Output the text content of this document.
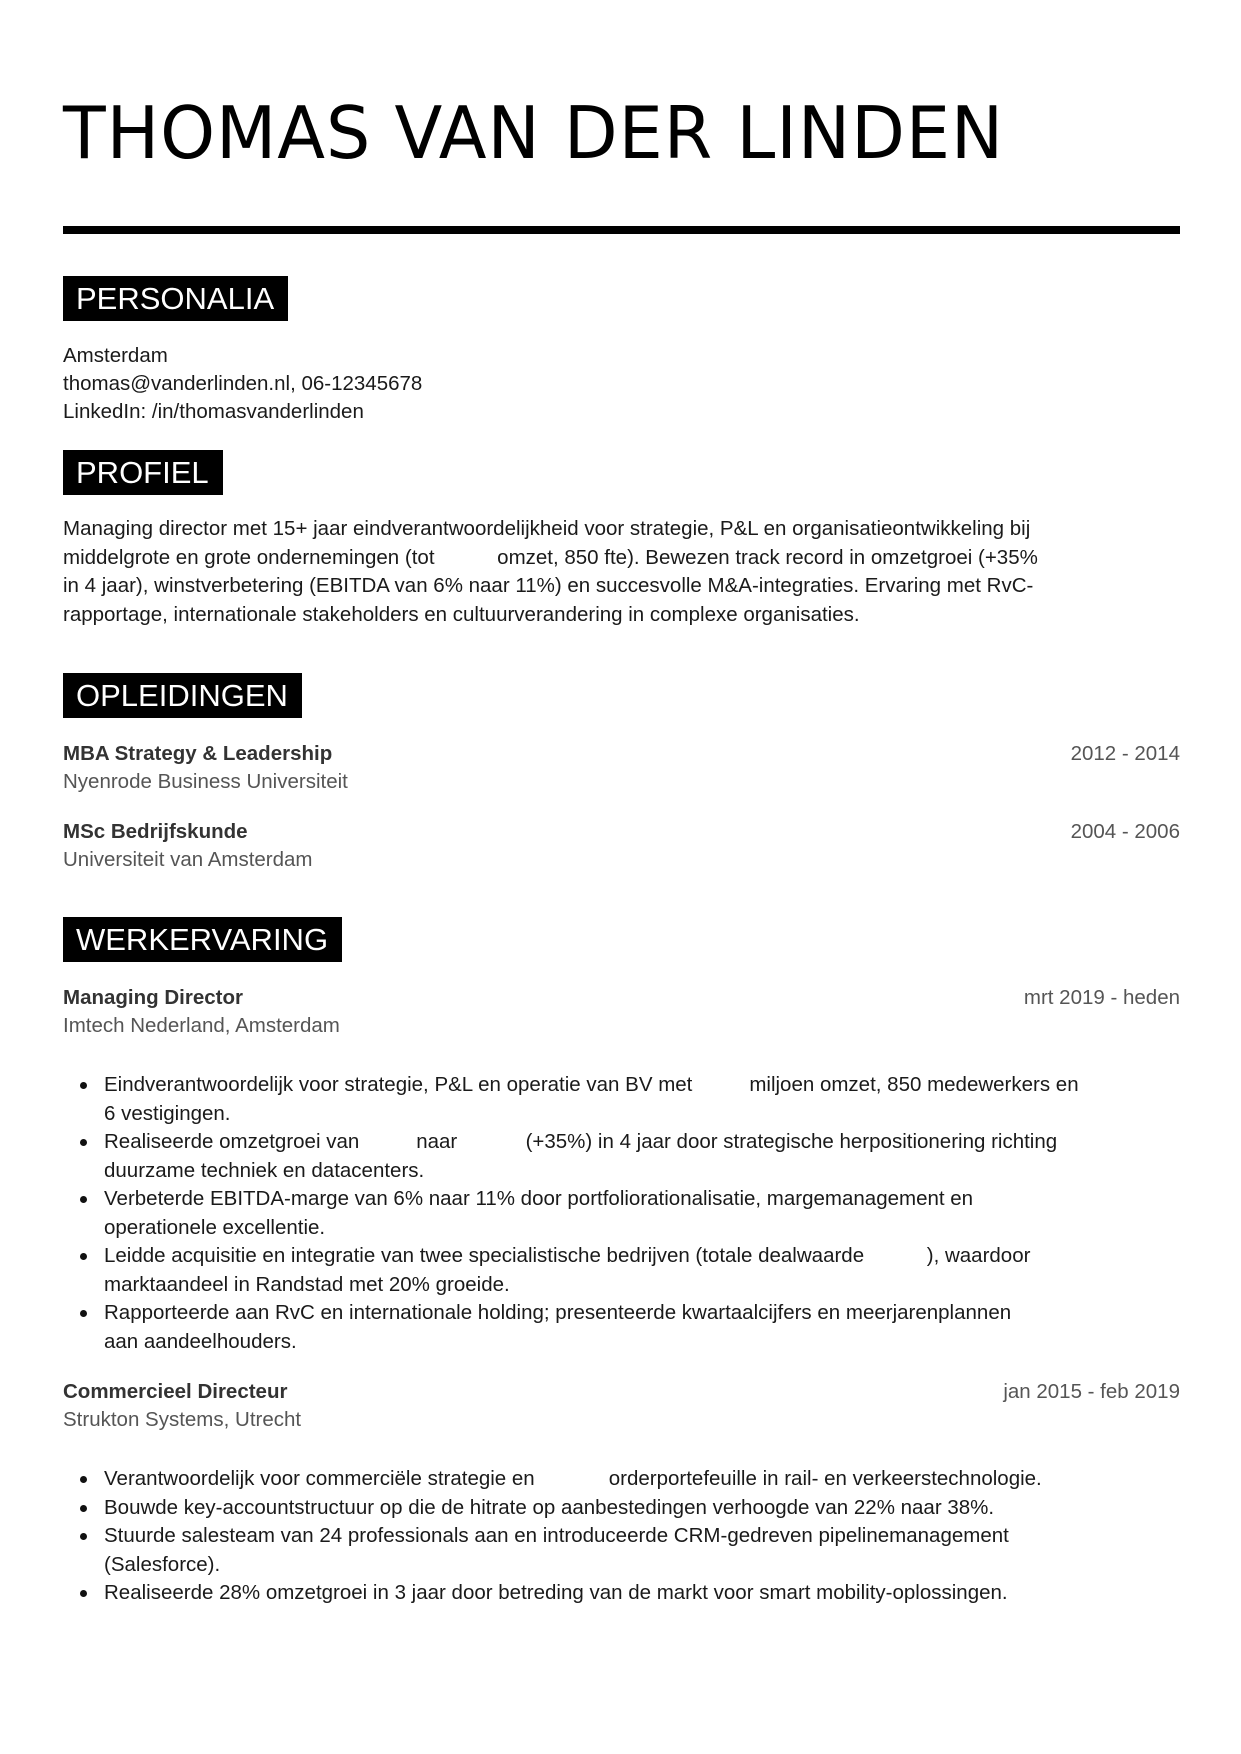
THOMAS VAN DER LINDEN
PERSONALIA
Amsterdam
thomas@vanderlinden.nl, 06-12345678
LinkedIn: /in/thomasvanderlinden
PROFIEL
Managing director met 15+ jaar eindverantwoordelijkheid voor strategie, P&L en organisatieontwikkeling bij
middelgrote en grote ondernemingen (tot           omzet, 850 fte). Bewezen track record in omzetgroei (+35%
in 4 jaar), winstverbetering (EBITDA van 6% naar 11%) en succesvolle M&A-integraties. Ervaring met RvC-
rapportage, internationale stakeholders en cultuurverandering in complexe organisaties.
OPLEIDINGEN
MBA Strategy & Leadership	2012 - 2014
Nyenrode Business Universiteit
MSc Bedrijfskunde	2004 - 2006
Universiteit van Amsterdam
WERKERVARING
Managing Director	mrt 2019 - heden
Imtech Nederland, Amsterdam
Eindverantwoordelijk voor strategie, P&L en operatie van BV met          miljoen omzet, 850 medewerkers en
6 vestigingen.
Realiseerde omzetgroei van          naar            (+35%) in 4 jaar door strategische herpositionering richting
duurzame techniek en datacenters.
Verbeterde EBITDA-marge van 6% naar 11% door portfoliorationalisatie, margemanagement en
operationele excellentie.
Leidde acquisitie en integratie van twee specialistische bedrijven (totale dealwaarde           ), waardoor
marktaandeel in Randstad met 20% groeide.
Rapporteerde aan RvC en internationale holding; presenteerde kwartaalcijfers en meerjarenplannen
aan aandeelhouders.
Commercieel Directeur	jan 2015 - feb 2019
Strukton Systems, Utrecht
Verantwoordelijk voor commerciële strategie en             orderportefeuille in rail- en verkeerstechnologie.
Bouwde key-accountstructuur op die de hitrate op aanbestedingen verhoogde van 22% naar 38%.
Stuurde salesteam van 24 professionals aan en introduceerde CRM-gedreven pipelinemanagement
(Salesforce).
Realiseerde 28% omzetgroei in 3 jaar door betreding van de markt voor smart mobility-oplossingen.
